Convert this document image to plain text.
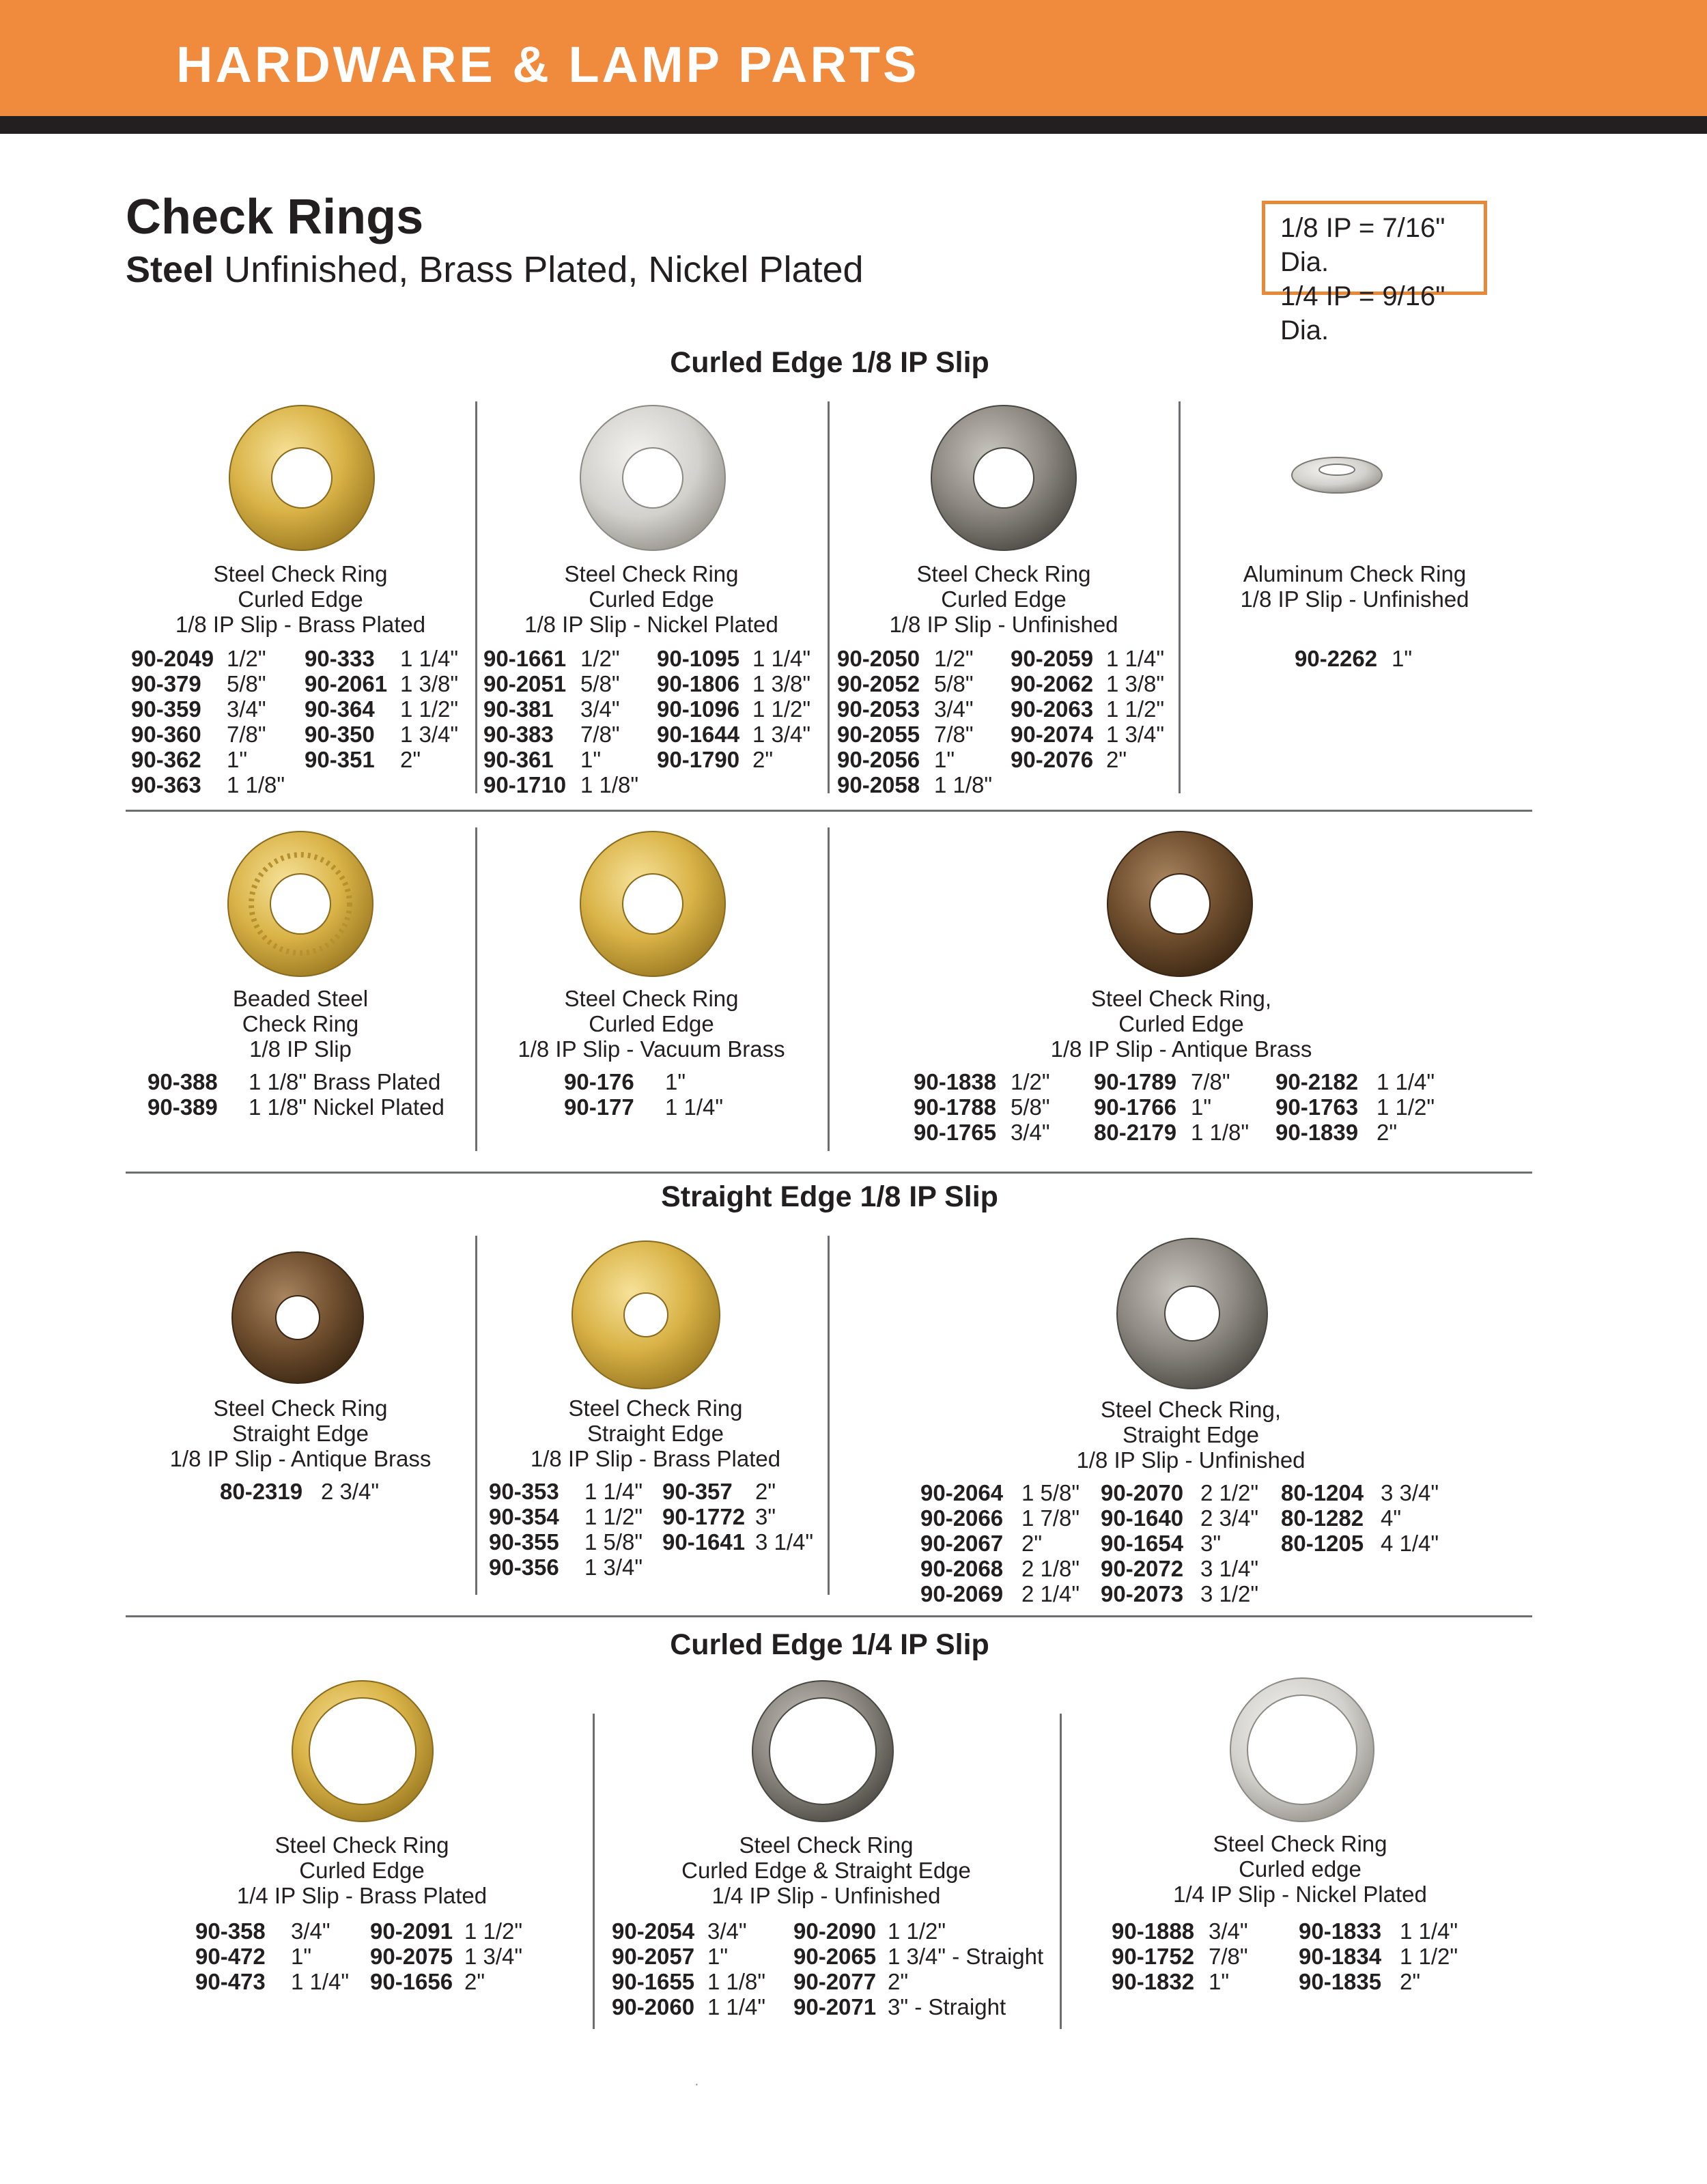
HARDWARE & LAMP PARTS
Check Rings
Steel Unfinished, Brass Plated, Nickel Plated
1/8 IP = 7/16" Dia.
1/4 IP = 9/16" Dia.
Curled Edge 1/8 IP Slip
Straight Edge 1/8 IP Slip
Curled Edge 1/4 IP Slip
Steel Check Ring
Curled Edge
1/8 IP Slip - Brass Plated
90-2049 1/2" 90-333 1 1/4"
90-379 5/8" 90-2061 1 3/8"
90-359 3/4" 90-364 1 1/2"
90-360 7/8" 90-350 1 3/4"
90-362 1"	90-351 2"
90-363 1 1/8"
Steel Check Ring
Curled Edge
1/8 IP Slip - Nickel Plated
90-1661 1/2" 90-1095 1 1/4"
90-2051 5/8" 90-1806 1 3/8"
90-381 3/4" 90-1096 1 1/2"
90-383 7/8" 90-1644 1 3/4"
90-361 1" 90-1790 2"
90-1710 1 1/8"
Steel Check Ring
Curled Edge
1/8 IP Slip - Unfinished
90-2050 1/2" 90-2059 1 1/4"
90-2052 5/8" 90-2062 1 3/8"
90-2053 3/4" 90-2063 1 1/2"
90-2055 7/8" 90-2074 1 3/4"
90-2056 1" 90-2076 2"
90-2058 1 1/8"
Aluminum Check Ring
1/8 IP Slip - Unfinished
90-2262 1"
Beaded Steel
Check Ring
1/8 IP Slip
90-388 1 1/8" Brass Plated
90-389 1 1/8" Nickel Plated
Steel Check Ring
Curled Edge
1/8 IP Slip - Vacuum Brass
90-176 1"
90-177 1 1/4"
Steel Check Ring,
Curled Edge
1/8 IP Slip - Antique Brass
90-1838 1/2" 90-1789 7/8" 90-2182 1 1/4"
90-1788 5/8" 90-1766 1"	90-1763 1 1/2"
90-1765 3/4" 80-2179 1 1/8" 90-1839 2"
Steel Check Ring
Straight Edge
1/8 IP Slip - Antique Brass
80-2319 2 3/4"
Steel Check Ring
Straight Edge
1/8 IP Slip - Brass Plated
90-353 1 1/4" 90-357 2"
90-354 1 1/2" 90-1772 3"
90-355 1 5/8" 90-1641 3 1/4"
90-356 1 3/4"
Steel Check Ring,
Straight Edge
1/8 IP Slip - Unfinished
90-2064 1 5/8" 90-2070 2 1/2" 80-1204 3 3/4"
90-2066 1 7/8" 90-1640 2 3/4" 80-1282 4"
90-2067 2"	90-1654 3"	80-1205 4 1/4"
90-2068 2 1/8" 90-2072 3 1/4"
90-2069 2 1/4" 90-2073 3 1/2"
Steel Check Ring
Curled Edge
1/4 IP Slip - Brass Plated
90-358 3/4" 90-2091 1 1/2"
90-472 1"	90-2075 1 3/4"
90-473 1 1/4" 90-1656 2"
Steel Check Ring
Curled Edge & Straight Edge
1/4 IP Slip - Unfinished
90-2054 3/4" 90-2090 1 1/2"
90-2057 1"	90-2065 1 3/4" - Straight
90-1655 1 1/8" 90-2077 2"
90-2060 1 1/4" 90-2071 3" - Straight
Steel Check Ring
Curled edge
1/4 IP Slip - Nickel Plated
90-1888 3/4" 90-1833 1 1/4"
90-1752 7/8" 90-1834 1 1/2"
90-1832 1"	90-1835 2"
·
